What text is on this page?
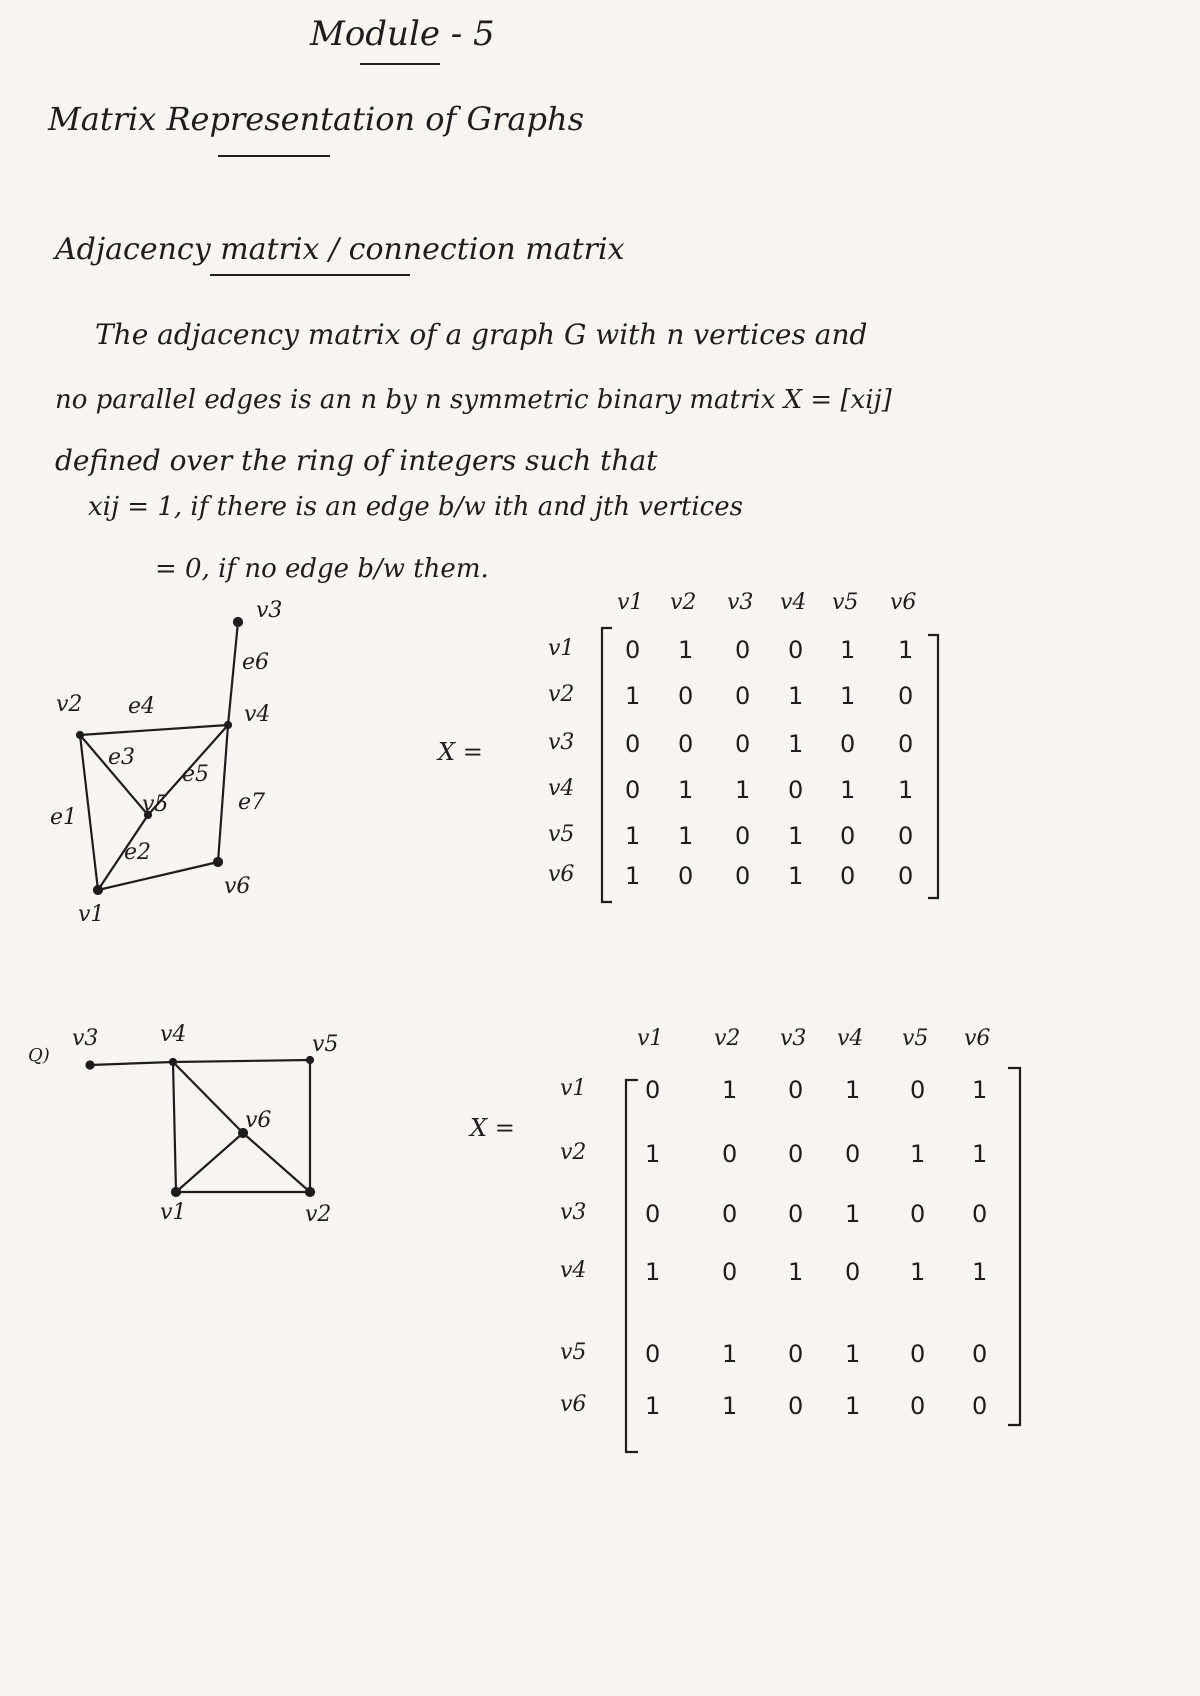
Module - 5
Matrix Representation of Graphs
Adjacency matrix / connection matrix
The adjacency matrix of a graph G with n vertices and
no parallel edges is an n by n symmetric binary matrix X = [xij]
defined over the ring of integers such that
xij = 1, if there is an edge b/w ith and jth vertices
= 0, if no edge b/w them.
v3
e6
v4
v2 e4
e3
e5
v5	e7
e1
e2
v6
v1
X =
v1 v2 v3 v4 v5 v6
v1
v2
v3
v4
v5
v6
0 1 0 0 1 1
1 0 0 1 1 0
0 0 0 1 0 0
0 1 1 0 1 1
1 1 0 1 0 0
1 0 0 1 0 0
Q)
v3	v4	v5
v6
v1	v2
X =
v1 v2 v3 v4 v5 v6
v1
v2
v3
v4
v5
v6
0	1 0 1 0 1
1	0 0 0 1 1
0	0 0 1 0 0
1	0 1 0 1 1
0	1 0 1 0 0
1	1 0 1 0 0
